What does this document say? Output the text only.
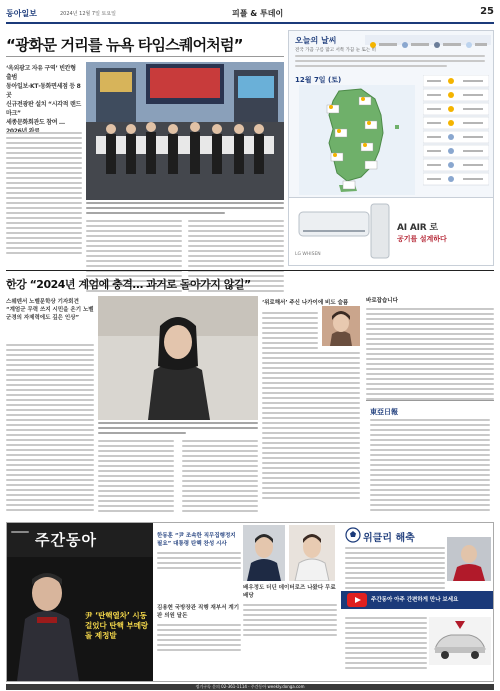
동아일보	2024년 12월 7일 토요일	피플 & 투데이	25
“광화문 거리를 뉴욕 타임스퀘어처럼”
‘옥외광고 자유 구역’ 빈칸형 출범
동아일보·KT·동화면세점 등 8곳
신규전광판 설치 “시각적 랜드마크”
세종문화회관도 참여 …
오늘의 날씨
전국 가끔 구름 많고 서쪽 가끔 눈 또는 비
12월 7일 (토)
AI AIR 로
공기를 설계하다
LG WHISEN
한강 “2024년 계엄에 충격… 과거로 돌아가지 않길”
스웨덴서 노벨문학상 기자회견
“계엄군 무력 쓰지 시민을 온기 노벨
군경의 자제력에도 깊은 인상”
‘위로해서’ 주신 나가이에 비도 슬픔	바로잡습니다
東亞日報
주간동아
尹 ‘탄핵열차’ 시동 걸었다 탄핵 부메랑 돌 제정발
한동훈 “尹 조속한 직무집행정지 필요” 대통령 탄핵 찬성 시사
배우정도 더딘 데이터로즈 나왔다 무료 배당
김용현 국방장관 직행 재부서 계기판 의원 달돈
위클리 해축
주간동아 아주 간편하게 만나 보세요
정기구독 문의 02-361-1114 · 주간동아 weekly.donga.com
